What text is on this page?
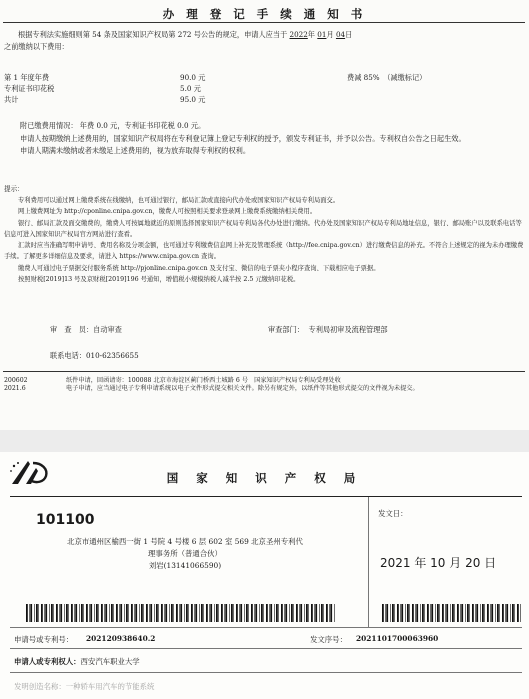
办 理 登 记 手 续 通 知 书
根据专利法实施细则第 54 条及国家知识产权局第 272 号公告的规定，申请人应当于 2022年 01月 04日
之前缴纳以下费用：
第 1 年度年费	90.0 元	费减 85%　（减缴标记）
专利证书印花税	5.0 元
共计	95.0 元
附已缴费用情况： 年费 0.0 元，专利证书印花税 0.0 元。

申请人按期缴纳上述费用的，国家知识产权局将在专利登记簿上登记专利权的授予，颁发专利证书，并予以公告。专利权自公告之日起生效。

申请人期满未缴纳或者未缴足上述费用的，视为放弃取得专利权的权利。

提示：

专利费用可以通过网上缴费系统在线缴纳，也可通过银行，邮局汇款或直接向代办处或国家知识产权局专利局面交。

网上缴费网址为 http://cponline.cnipa.gov.cn，缴费人可按照相关要求登录网上缴费系统缴纳相关费用。

银行、邮局汇款及面交缴费的，缴费人可按属地就近的原则选择国家知识产权局专利局各代办处进行缴纳。代办处及国家知识产权局专利局地址信息，银行、邮局账户以及联系电话等信息可进入国家知识产权局官方网站进行查看。

汇款时应当准确写明申请号、费用名称及分项金额，也可通过专利缴费信息网上补充及管理系统（http://fee.cnipa.gov.cn）进行缴费信息的补充。不符合上述规定的视为未办理缴费手续。了解更多详细信息及要求，请进入 https://www.cnipa.gov.cn 查询。

缴费人可通过电子票据交付服务系统 http://pjonline.cnipa.gov.cn 及支付宝、微信的电子票夹小程序查询、下载相应电子票据。

按照财税[2019]13 号及京财税[2019]196 号通知，增值税小规模纳税人减半按 2.5 元缴纳印花税。

审　查　员：自动审查	审查部门：  专利局初审及流程管理部
联系电话：010-62356655
200602	纸件申请，回函请寄：100088 北京市海淀区蓟门桥西土城路 6 号　国家知识产权局专利局受理处收
2021.6	电子申请，应当通过电子专利申请系统以电子文件形式提交相关文件。除另有规定外，以纸件等其他形式提交的文件视为未提交。
国 家 知 识 产 权 局
101100
北京市通州区榆西一街 1 号院 4 号楼 6 层 602 室 569 北京圣州专利代
理事务所（普通合伙）
刘岩(13141066590)
发文日：
2021 年 10 月 20 日
申请号或专利号： 202120938640.2	发文序号： 2021101700063960
申请人或专利权人：西安汽车职业大学
发明创造名称：一种轿车用汽车的节能系统
